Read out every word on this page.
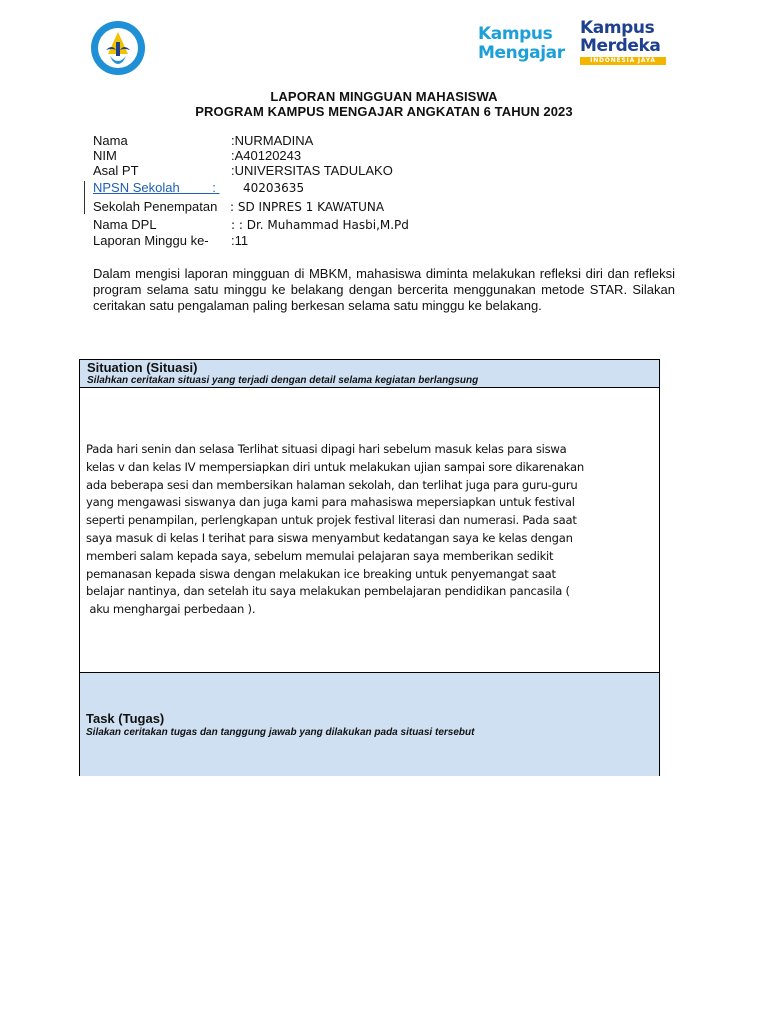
Kampus
Mengajar
Kampus
Merdeka
INDONESIA JAYA
LAPORAN MINGGUAN MAHASISWA
PROGRAM KAMPUS MENGAJAR ANGKATAN 6 TAHUN 2023
Nama	:NURMADINA
NIM	:A40120243
Asal PT	:UNIVERSITAS TADULAKO
NPSN Sekolah	:	40203635
Sekolah Penempatan : SD INPRES 1 KAWATUNA
Nama DPL	: : Dr. Muhammad Hasbi,M.Pd
Laporan Minggu ke- :11
Dalam mengisi laporan mingguan di MBKM, mahasiswa diminta melakukan refleksi diri dan refleksi program selama satu minggu ke belakang dengan bercerita menggunakan metode STAR. Silakan ceritakan satu pengalaman paling berkesan selama satu minggu ke belakang.
Situation (Situasi)
Silahkan ceritakan situasi yang terjadi dengan detail selama kegiatan berlangsung
Pada hari senin dan selasa Terlihat situasi dipagi hari sebelum masuk kelas para siswa
kelas v dan kelas IV mempersiapkan diri untuk melakukan ujian sampai sore dikarenakan
ada beberapa sesi dan membersikan halaman sekolah, dan terlihat juga para guru-guru
yang mengawasi siswanya dan juga kami para mahasiswa mepersiapkan untuk festival
seperti penampilan, perlengkapan untuk projek festival literasi dan numerasi. Pada saat
saya masuk di kelas I terihat para siswa menyambut kedatangan saya ke kelas dengan
memberi salam kepada saya, sebelum memulai pelajaran saya memberikan sedikit
pemanasan kepada siswa dengan melakukan ice breaking untuk penyemangat saat
belajar nantinya, dan setelah itu saya melakukan pembelajaran pendidikan pancasila (
aku menghargai perbedaan ).
Task (Tugas)
Silakan ceritakan tugas dan tanggung jawab yang dilakukan pada situasi tersebut
